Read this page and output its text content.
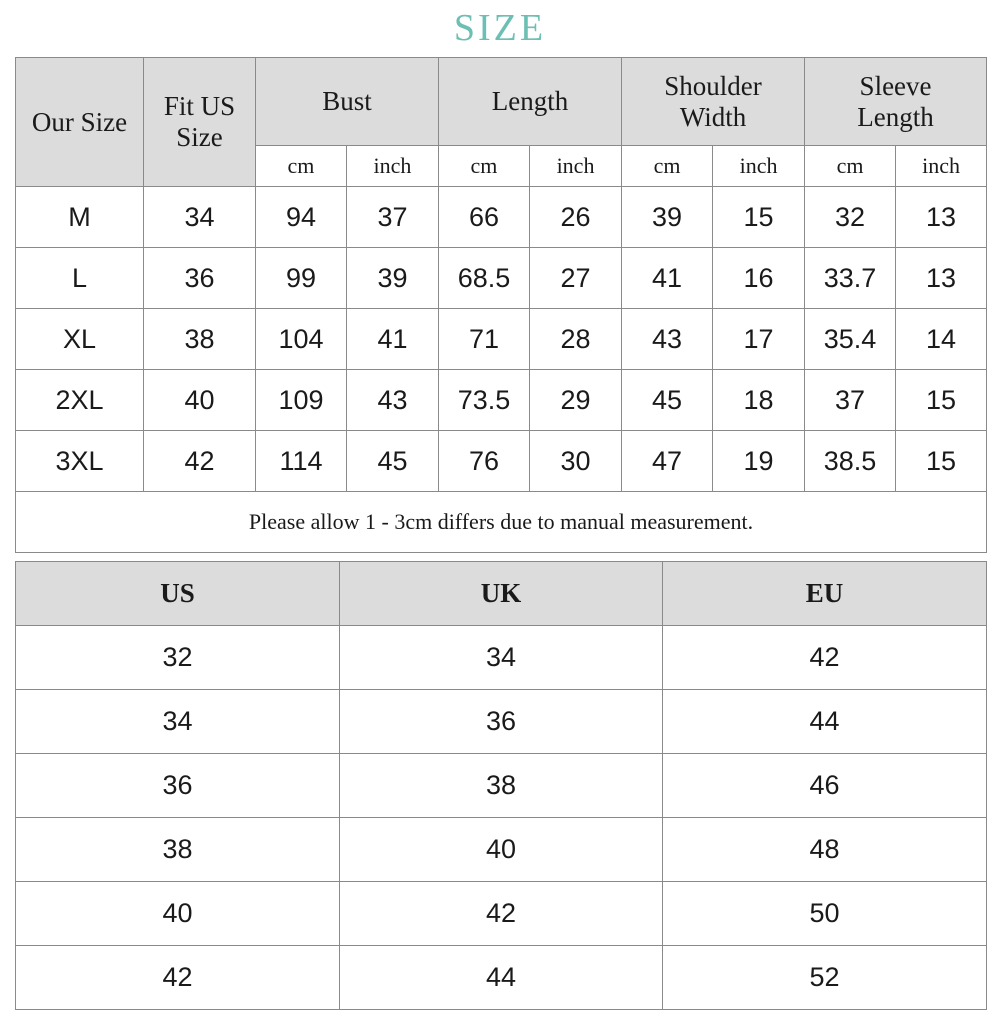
SIZE
Our Size	Fit US Size	Bust		Length		Shoulder Width		Sleeve Length	
		cm	inch	cm	inch	cm	inch	cm	inch
M	34	94	37	66	26	39	15	32	13
L	36	99	39	68.5	27	41	16	33.7	13
XL	38	104	41	71	28	43	17	35.4	14
2XL	40	109	43	73.5	29	45	18	37	15
3XL	42	114	45	76	30	47	19	38.5	15
Please allow 1 - 3cm differs due to manual measurement.									
US	UK	EU
32	34	42
34	36	44
36	38	46
38	40	48
40	42	50
42	44	52
